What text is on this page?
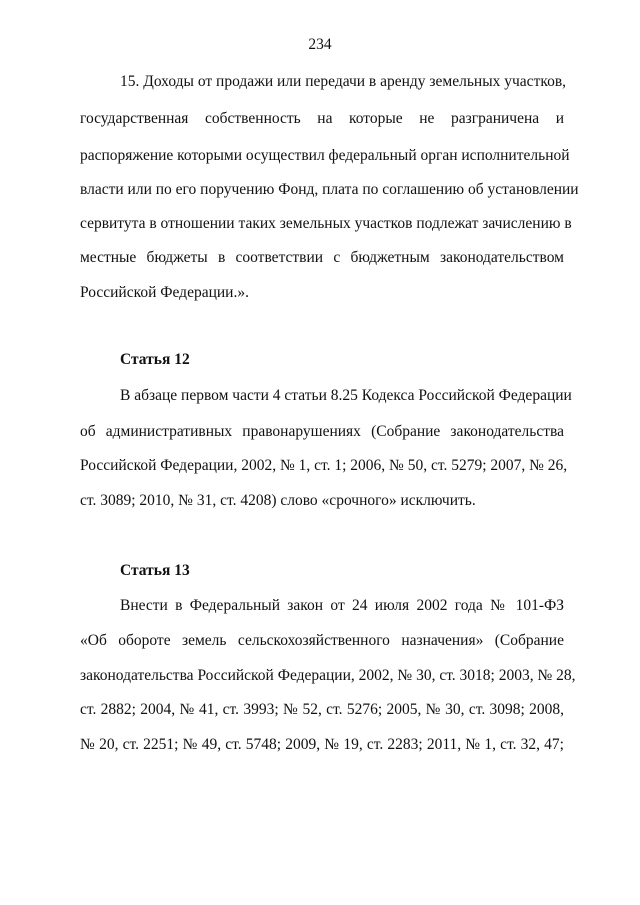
234
15. Доходы от продажи или передачи в аренду земельных участков,
государственная собственность на которые не разграничена и
распоряжение которыми осуществил федеральный орган исполнительной
власти или по его поручению Фонд, плата по соглашению об установлении
сервитута в отношении таких земельных участков подлежат зачислению в
местные бюджеты в соответствии с бюджетным законодательством
Российской Федерации.».
Статья 12
В абзаце первом части 4 статьи 8.25 Кодекса Российской Федерации
об административных правонарушениях (Собрание законодательства
Российской Федерации, 2002, № 1, ст. 1; 2006, № 50, ст. 5279; 2007, № 26,
ст. 3089; 2010, № 31, ст. 4208) слово «срочного» исключить.
Статья 13
Внести в Федеральный закон от 24 июля 2002 года № 101-ФЗ
«Об обороте земель сельскохозяйственного назначения» (Собрание
законодательства Российской Федерации, 2002, № 30, ст. 3018; 2003, № 28,
ст. 2882; 2004, № 41, ст. 3993; № 52, ст. 5276; 2005, № 30, ст. 3098; 2008,
№ 20, ст. 2251; № 49, ст. 5748; 2009, № 19, ст. 2283; 2011, № 1, ст. 32, 47;
